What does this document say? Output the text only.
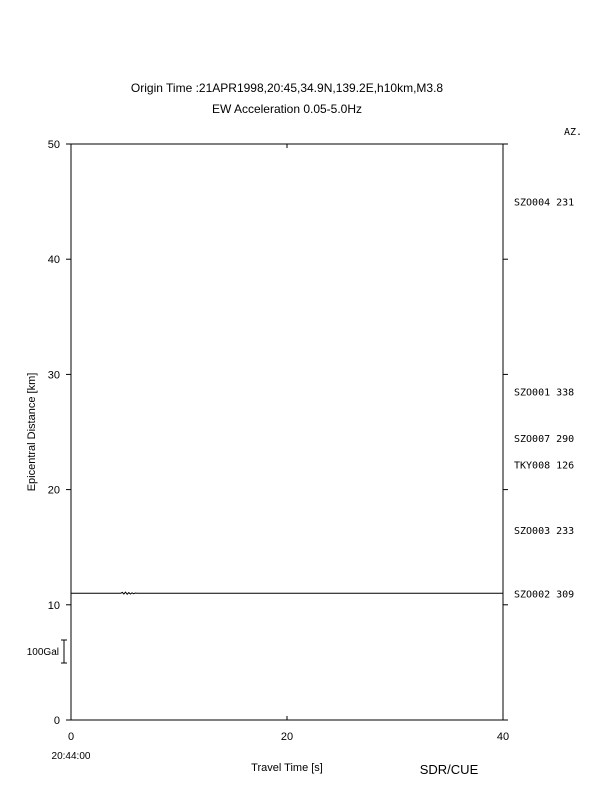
Origin Time :21APR1998,20:45,34.9N,139.2E,h10km,M3.8
EW Acceleration 0.05-5.0Hz
0	20	40
0
10
20
30
40
50
Travel Time [s]
Epicentral Distance [km]
20:44:00
AZ.
SZO004 231
SZO001 338
SZO007 290
TKY008 126
SZO003 233
SZO002 309
100Gal
SDR/CUE
